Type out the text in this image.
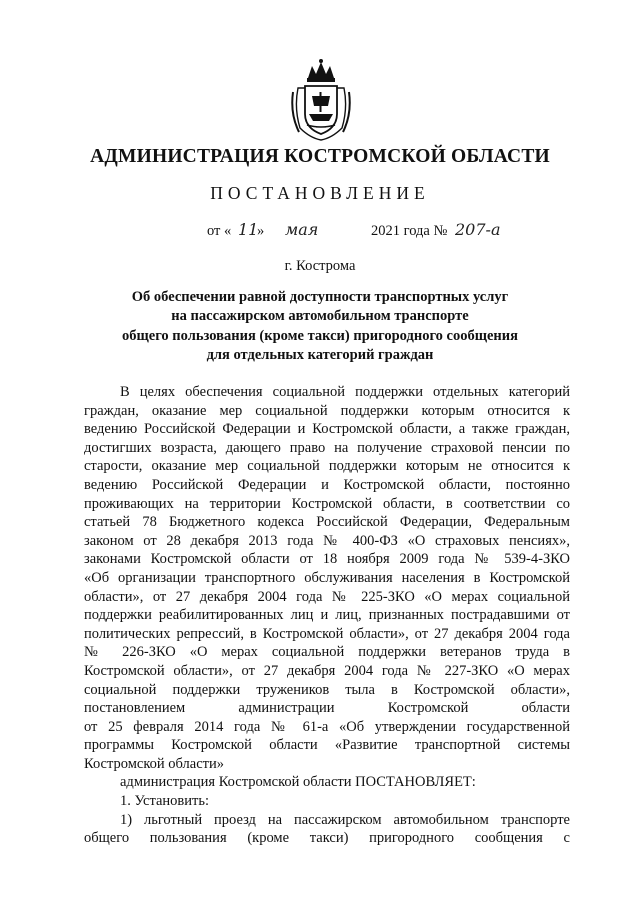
АДМИНИСТРАЦИЯ КОСТРОМСКОЙ ОБЛАСТИ
ПОСТАНОВЛЕНИЕ
от « 11
» мая	2021 года № 207-а
г. Кострома
Об обеспечении равной доступности транспортных услуг
на пассажирском автомобильном транспорте
общего пользования (кроме такси) пригородного сообщения
для отдельных категорий граждан

В целях обеспечения социальной поддержки отдельных категорий

граждан, оказание мер социальной поддержки которым относится к

ведению Российской Федерации и Костромской области, а также граждан,

достигших возраста, дающего право на получение страховой пенсии по

старости, оказание мер социальной поддержки которым не относится к

ведению Российской Федерации и Костромской области, постоянно

проживающих на территории Костромской области, в соответствии со

статьей 78 Бюджетного кодекса Российской Федерации, Федеральным

законом от 28 декабря 2013 года № 400-ФЗ «О страховых пенсиях»,

законами Костромской области от 18 ноября 2009 года № 539-4-ЗКО

«Об организации транспортного обслуживания населения в Костромской

области», от 27 декабря 2004 года № 225-ЗКО «О мерах социальной

поддержки реабилитированных лиц и лиц, признанных пострадавшими от

политических репрессий, в Костромской области», от 27 декабря 2004 года

№ 226-ЗКО «О мерах социальной поддержки ветеранов труда в

Костромской области», от 27 декабря 2004 года № 227-ЗКО «О мерах

социальной поддержки тружеников тыла в Костромской области»,

постановлением администрации Костромской области

от 25 февраля 2014 года № 61-а «Об утверждении государственной

программы Костромской области «Развитие транспортной системы

Костромской области»

администрация Костромской области ПОСТАНОВЛЯЕТ:

1. Установить:

1) льготный проезд на пассажирском автомобильном транспорте

общего пользования (кроме такси) пригородного сообщения с
